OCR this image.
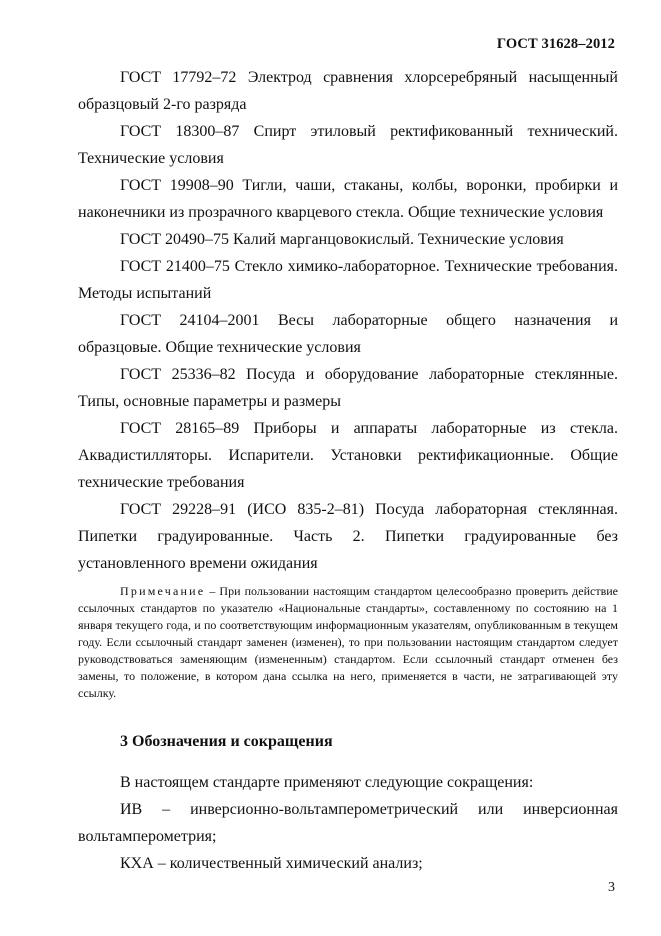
ГОСТ 31628–2012

ГОСТ 17792–72 Электрод сравнения хлорсеребряный насыщенный образцовый 2-го разряда

ГОСТ 18300–87 Спирт этиловый ректификованный технический. Технические условия

ГОСТ 19908–90 Тигли, чаши, стаканы, колбы, воронки, пробирки и наконечники из прозрачного кварцевого стекла. Общие технические условия

ГОСТ 20490–75 Калий марганцовокислый. Технические условия

ГОСТ 21400–75 Стекло химико-лабораторное. Технические требования. Методы испытаний

ГОСТ 24104–2001 Весы лабораторные общего назначения и образцовые. Общие технические условия

ГОСТ 25336–82 Посуда и оборудование лабораторные стеклянные. Типы, основные параметры и размеры

ГОСТ 28165–89 Приборы и аппараты лабораторные из стекла. Аквадистилляторы. Испарители. Установки ректификационные. Общие технические требования

ГОСТ 29228–91 (ИСО 835-2–81) Посуда лабораторная стеклянная. Пипетки градуированные. Часть 2. Пипетки градуированные без установленного времени ожидания

Примечание – При пользовании настоящим стандартом целесообразно проверить действие ссылочных стандартов по указателю «Национальные стандарты», составленному по состоянию на 1 января текущего года, и по соответствующим информационным указателям, опубликованным в текущем году. Если ссылочный стандарт заменен (изменен), то при пользовании настоящим стандартом следует руководствоваться заменяющим (измененным) стандартом. Если ссылочный стандарт отменен без замены, то положение, в котором дана ссылка на него, применяется в части, не затрагивающей эту ссылку.

3 Обозначения и сокращения

В настоящем стандарте применяют следующие сокращения:

ИВ – инверсионно-вольтамперометрический или инверсионная вольтамперометрия;

КХА – количественный химический анализ;

3
